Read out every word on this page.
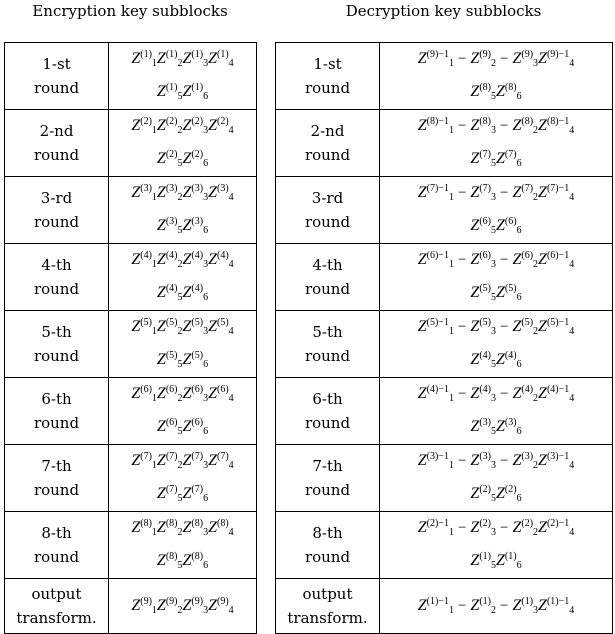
Encryption key subblocks	Decryption key subblocks
1-st
round	$Z^{(1)}_1Z^{(1)}_2Z^{(1)}_3Z^{(1)}_4$
$Z^{(1)}_5Z^{(1)}_6$

2-nd
round	$Z^{(2)}_1Z^{(2)}_2Z^{(2)}_3Z^{(2)}_4$
$Z^{(2)}_5Z^{(2)}_6$

3-rd
round	$Z^{(3)}_1Z^{(3)}_2Z^{(3)}_3Z^{(3)}_4$
$Z^{(3)}_5Z^{(3)}_6$

4-th
round	$Z^{(4)}_1Z^{(4)}_2Z^{(4)}_3Z^{(4)}_4$
$Z^{(4)}_5Z^{(4)}_6$

5-th
round	$Z^{(5)}_1Z^{(5)}_2Z^{(5)}_3Z^{(5)}_4$
$Z^{(5)}_5Z^{(5)}_6$

6-th
round	$Z^{(6)}_1Z^{(6)}_2Z^{(6)}_3Z^{(6)}_4$
$Z^{(6)}_5Z^{(6)}_6$

7-th
round	$Z^{(7)}_1Z^{(7)}_2Z^{(7)}_3Z^{(7)}_4$
$Z^{(7)}_5Z^{(7)}_6$

8-th
round	$Z^{(8)}_1Z^{(8)}_2Z^{(8)}_3Z^{(8)}_4$
$Z^{(8)}_5Z^{(8)}_6$

output
transform.	$Z^{(9)}_1Z^{(9)}_2Z^{(9)}_3Z^{(9)}_4$
1-st
round	$Z^{(9)-1}_1 - Z^{(9)}_2 - Z^{(9)}_3Z^{(9)-1}_4$
$Z^{(8)}_5Z^{(8)}_6$

2-nd
round	$Z^{(8)-1}_1 - Z^{(8)}_3 - Z^{(8)}_2Z^{(8)-1}_4$
$Z^{(7)}_5Z^{(7)}_6$

3-rd
round	$Z^{(7)-1}_1 - Z^{(7)}_3 - Z^{(7)}_2Z^{(7)-1}_4$
$Z^{(6)}_5Z^{(6)}_6$

4-th
round	$Z^{(6)-1}_1 - Z^{(6)}_3 - Z^{(6)}_2Z^{(6)-1}_4$
$Z^{(5)}_5Z^{(5)}_6$

5-th
round	$Z^{(5)-1}_1 - Z^{(5)}_3 - Z^{(5)}_2Z^{(5)-1}_4$
$Z^{(4)}_5Z^{(4)}_6$

6-th
round	$Z^{(4)-1}_1 - Z^{(4)}_3 - Z^{(4)}_2Z^{(4)-1}_4$
$Z^{(3)}_5Z^{(3)}_6$

7-th
round	$Z^{(3)-1}_1 - Z^{(3)}_3 - Z^{(3)}_2Z^{(3)-1}_4$
$Z^{(2)}_5Z^{(2)}_6$

8-th
round	$Z^{(2)-1}_1 - Z^{(2)}_3 - Z^{(2)}_2Z^{(2)-1}_4$
$Z^{(1)}_5Z^{(1)}_6$

output
transform.	$Z^{(1)-1}_1 - Z^{(1)}_2 - Z^{(1)}_3Z^{(1)-1}_4$
